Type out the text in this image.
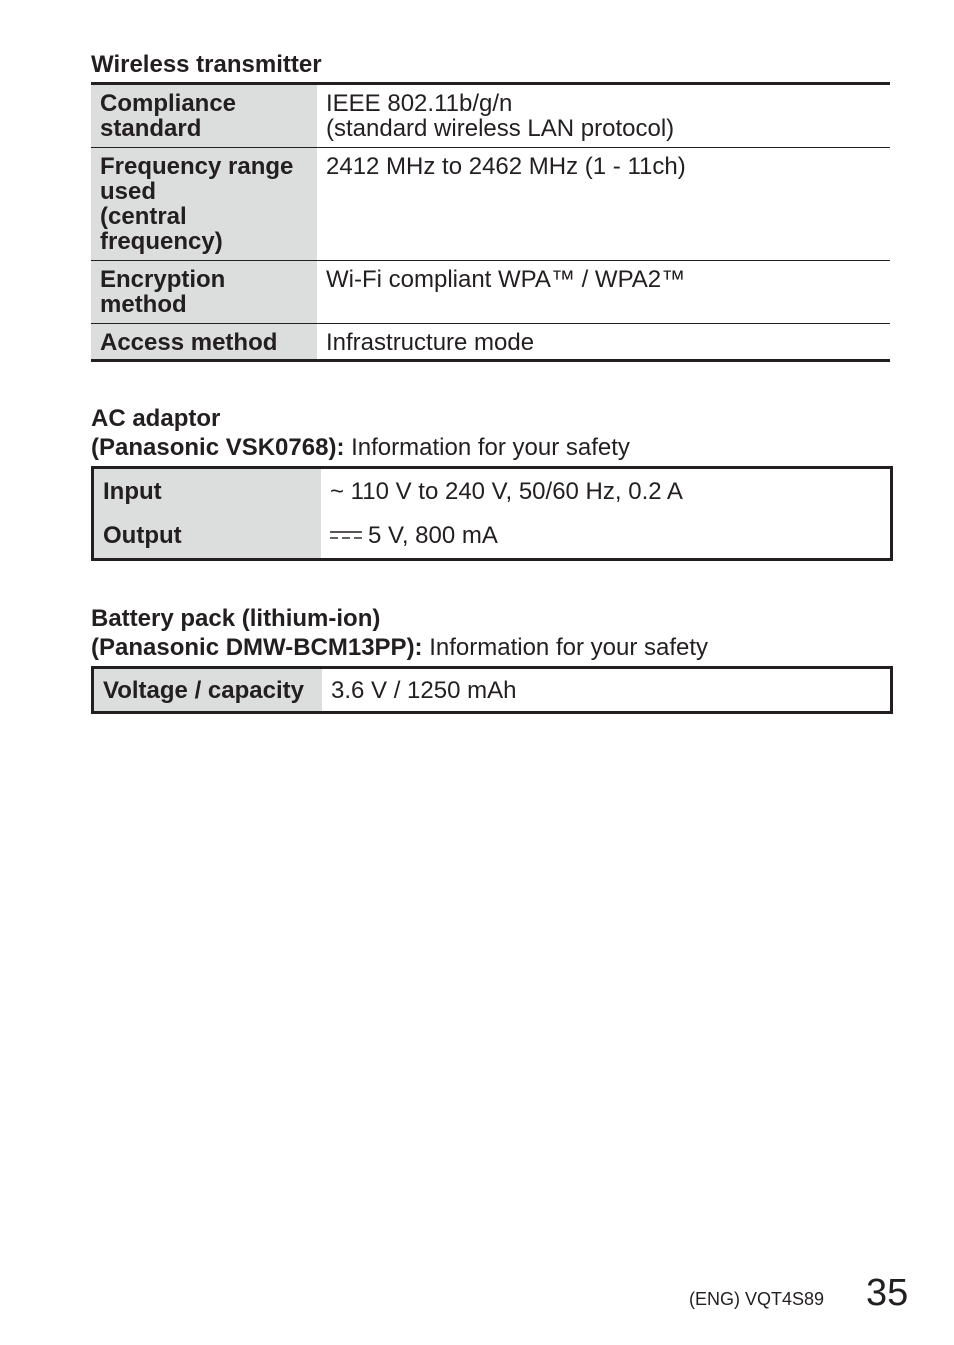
Wireless transmitter
Compliance
standard	IEEE 802.11b/g/n
(standard wireless LAN protocol)

Frequency range
used
(central
frequency)	2412 MHz to 2462 MHz (1 - 11ch)

Encryption
method	Wi-Fi compliant WPA™ / WPA2™

Access method	Infrastructure mode
AC adaptor

(Panasonic VSK0768): Information for your safety

Input	~ 110 V to 240 V, 50/60 Hz, 0.2 A
Output	5 V, 800 mA
Battery pack (lithium-ion)

(Panasonic DMW-BCM13PP): Information for your safety

Voltage / capacity	3.6 V / 1250 mAh
(ENG) VQT4S89 35
